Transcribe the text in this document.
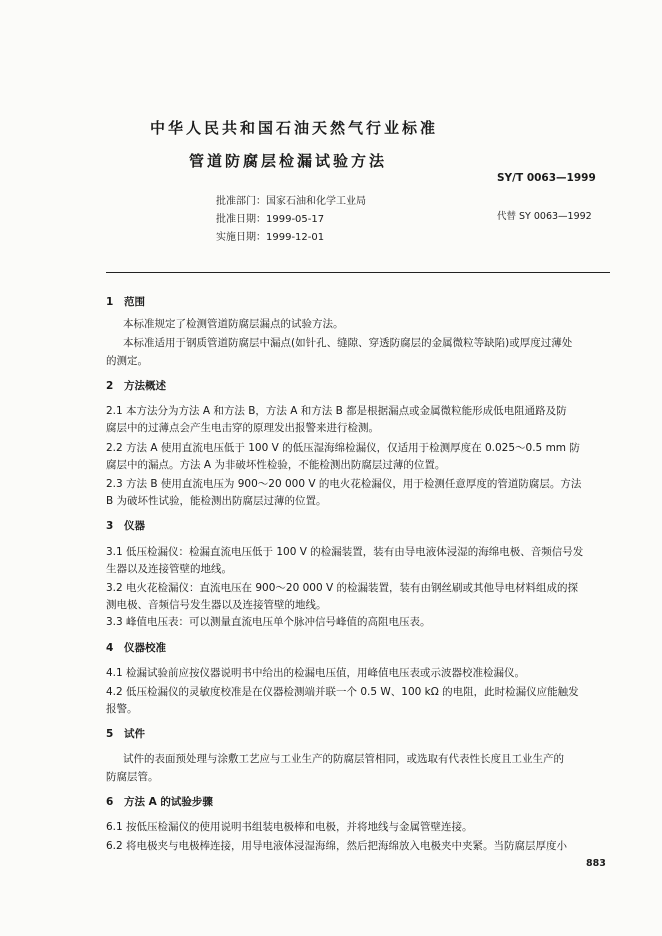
中华人民共和国石油天然气行业标准
管道防腐层检漏试验方法
SY/T 0063—1999
批准部门：国家石油和化学工业局
批准日期：1999-05-17
实施日期：1999-12-01
代替 SY 0063—1992
1 范围
本标准规定了检测管道防腐层漏点的试验方法。
本标准适用于钢质管道防腐层中漏点(如针孔、缝隙、穿透防腐层的金属微粒等缺陷)或厚度过薄处
的测定。
2 方法概述
2.1 本方法分为方法 A 和方法 B，方法 A 和方法 B 都是根据漏点或金属微粒能形成低电阻通路及防
腐层中的过薄点会产生电击穿的原理发出报警来进行检测。
2.2 方法 A 使用直流电压低于 100 V 的低压湿海绵检漏仪，仅适用于检测厚度在 0.025～0.5 mm 防
腐层中的漏点。方法 A 为非破坏性检验，不能检测出防腐层过薄的位置。
2.3 方法 B 使用直流电压为 900～20 000 V 的电火花检漏仪，用于检测任意厚度的管道防腐层。方法
B 为破坏性试验，能检测出防腐层过薄的位置。
3 仪器
3.1 低压检漏仪：检漏直流电压低于 100 V 的检漏装置，装有由导电液体浸湿的海绵电极、音频信号发
生器以及连接管壁的地线。
3.2 电火花检漏仪：直流电压在 900～20 000 V 的检漏装置，装有由钢丝刷或其他导电材料组成的探
测电极、音频信号发生器以及连接管壁的地线。
3.3 峰值电压表：可以测量直流电压单个脉冲信号峰值的高阻电压表。
4 仪器校准
4.1 检漏试验前应按仪器说明书中给出的检漏电压值，用峰值电压表或示波器校准检漏仪。
4.2 低压检漏仪的灵敏度校准是在仪器检测端并联一个 0.5 W、100 kΩ 的电阻，此时检漏仪应能触发
报警。
5 试件
试件的表面预处理与涂敷工艺应与工业生产的防腐层管相同，或选取有代表性长度且工业生产的
防腐层管。
6 方法 A 的试验步骤
6.1 按低压检漏仪的使用说明书组装电极棒和电极，并将地线与金属管壁连接。
6.2 将电极夹与电极棒连接，用导电液体浸湿海绵，然后把海绵放入电极夹中夹紧。当防腐层厚度小
883
